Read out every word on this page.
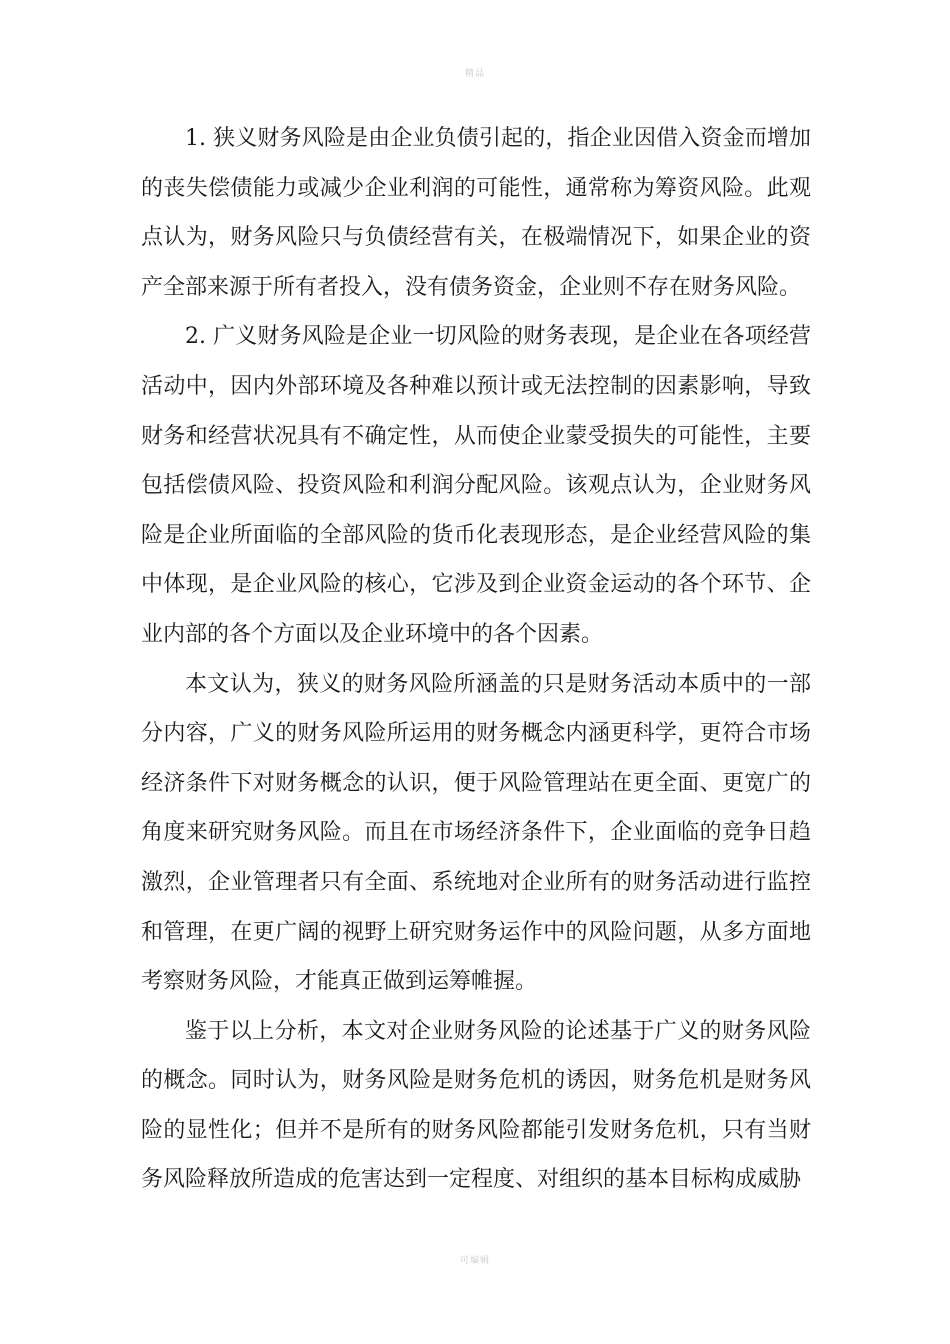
精品

1. 狭义财务风险是由企业负债引起的，指企业因借入资金而增加的丧失偿债能力或减少企业利润的可能性，通常称为筹资风险。此观点认为，财务风险只与负债经营有关，在极端情况下，如果企业的资产全部来源于所有者投入，没有债务资金，企业则不存在财务风险。

2. 广义财务风险是企业一切风险的财务表现，是企业在各项经营活动中，因内外部环境及各种难以预计或无法控制的因素影响，导致财务和经营状况具有不确定性，从而使企业蒙受损失的可能性，主要包括偿债风险、投资风险和利润分配风险。该观点认为，企业财务风险是企业所面临的全部风险的货币化表现形态，是企业经营风险的集中体现，是企业风险的核心，它涉及到企业资金运动的各个环节、企业内部的各个方面以及企业环境中的各个因素。

本文认为，狭义的财务风险所涵盖的只是财务活动本质中的一部分内容，广义的财务风险所运用的财务概念内涵更科学，更符合市场经济条件下对财务概念的认识，便于风险管理站在更全面、更宽广的角度来研究财务风险。而且在市场经济条件下，企业面临的竞争日趋激烈，企业管理者只有全面、系统地对企业所有的财务活动进行监控和管理，在更广阔的视野上研究财务运作中的风险问题，从多方面地考察财务风险，才能真正做到运筹帷握。

鉴于以上分析，本文对企业财务风险的论述基于广义的财务风险的概念。同时认为，财务风险是财务危机的诱因，财务危机是财务风险的显性化；但并不是所有的财务风险都能引发财务危机，只有当财务风险释放所造成的危害达到一定程度、对组织的基本目标构成威胁

可编辑
